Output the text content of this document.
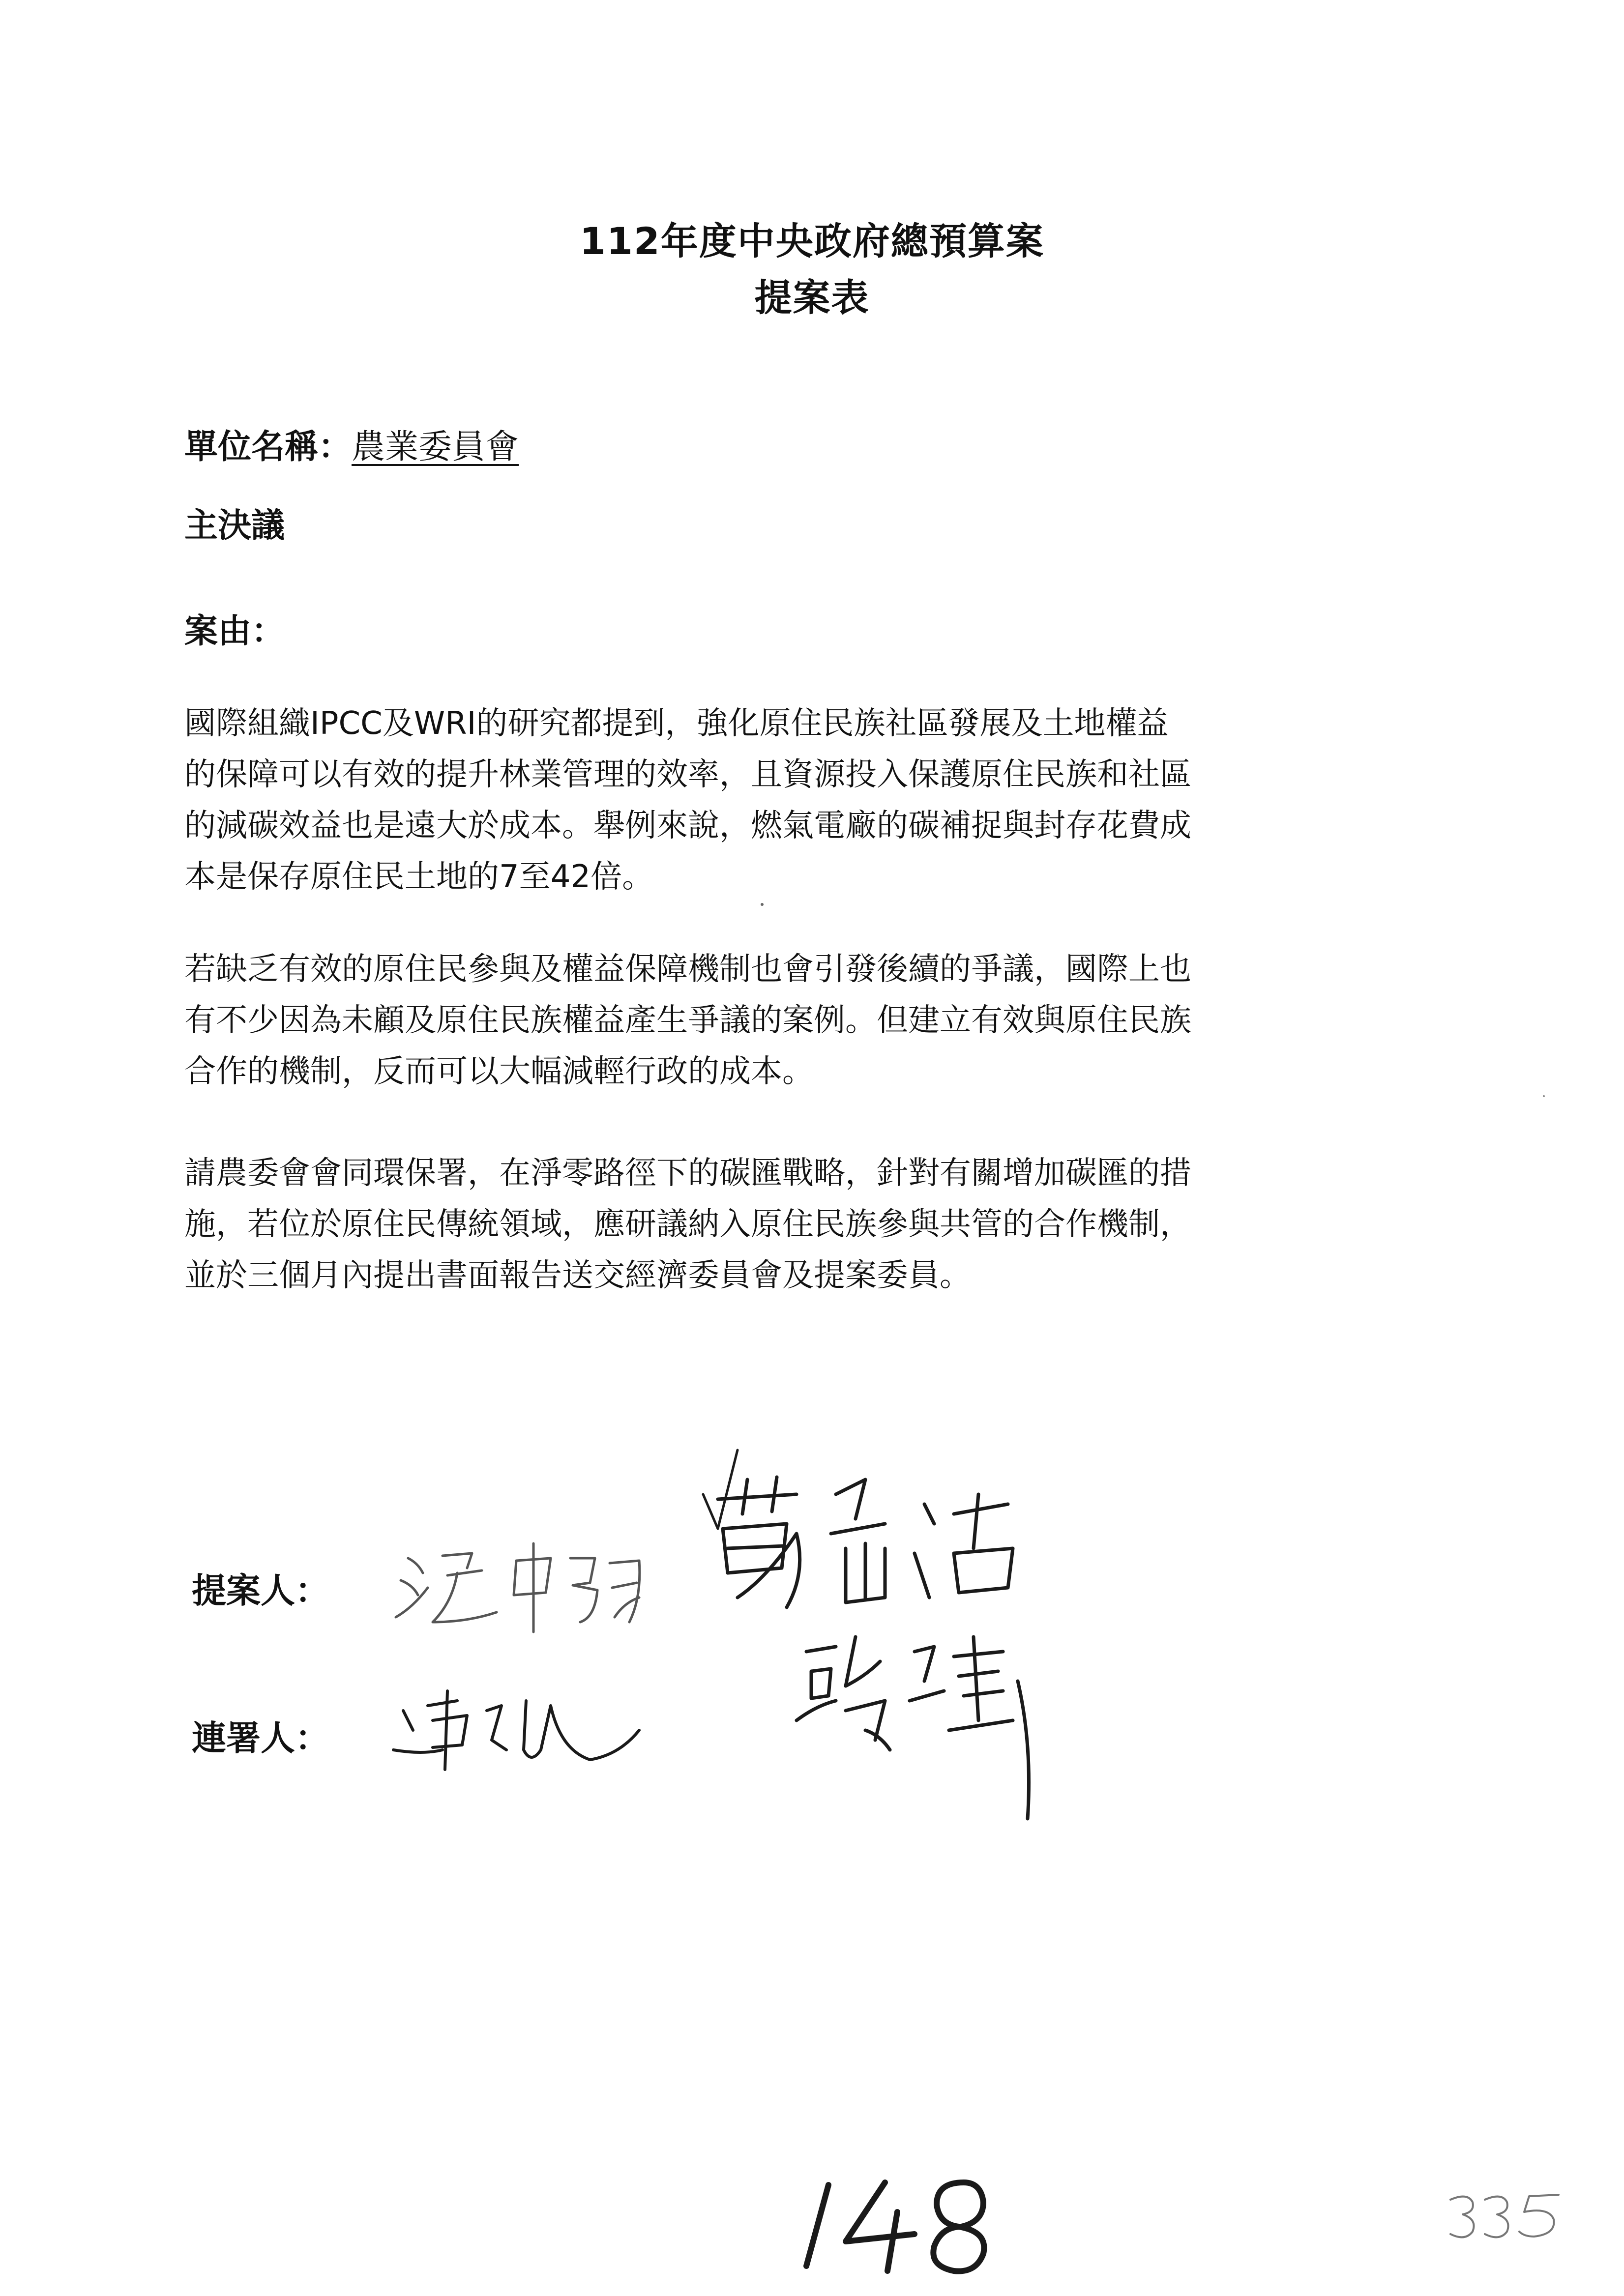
112年度中央政府總預算案
提案表
單位名稱：農業委員會
主決議
案由：
國際組織IPCC及WRI的研究都提到，強化原住民族社區發展及土地權益
的保障可以有效的提升林業管理的效率，且資源投入保護原住民族和社區
的減碳效益也是遠大於成本。舉例來說，燃氣電廠的碳補捉與封存花費成
本是保存原住民土地的7至42倍。
若缺乏有效的原住民參與及權益保障機制也會引發後續的爭議，國際上也
有不少因為未顧及原住民族權益產生爭議的案例。但建立有效與原住民族
合作的機制，反而可以大幅減輕行政的成本。
請農委會會同環保署，在淨零路徑下的碳匯戰略，針對有關增加碳匯的措
施，若位於原住民傳統領域，應研議納入原住民族參與共管的合作機制，
並於三個月內提出書面報告送交經濟委員會及提案委員。
提案人：
連署人：
